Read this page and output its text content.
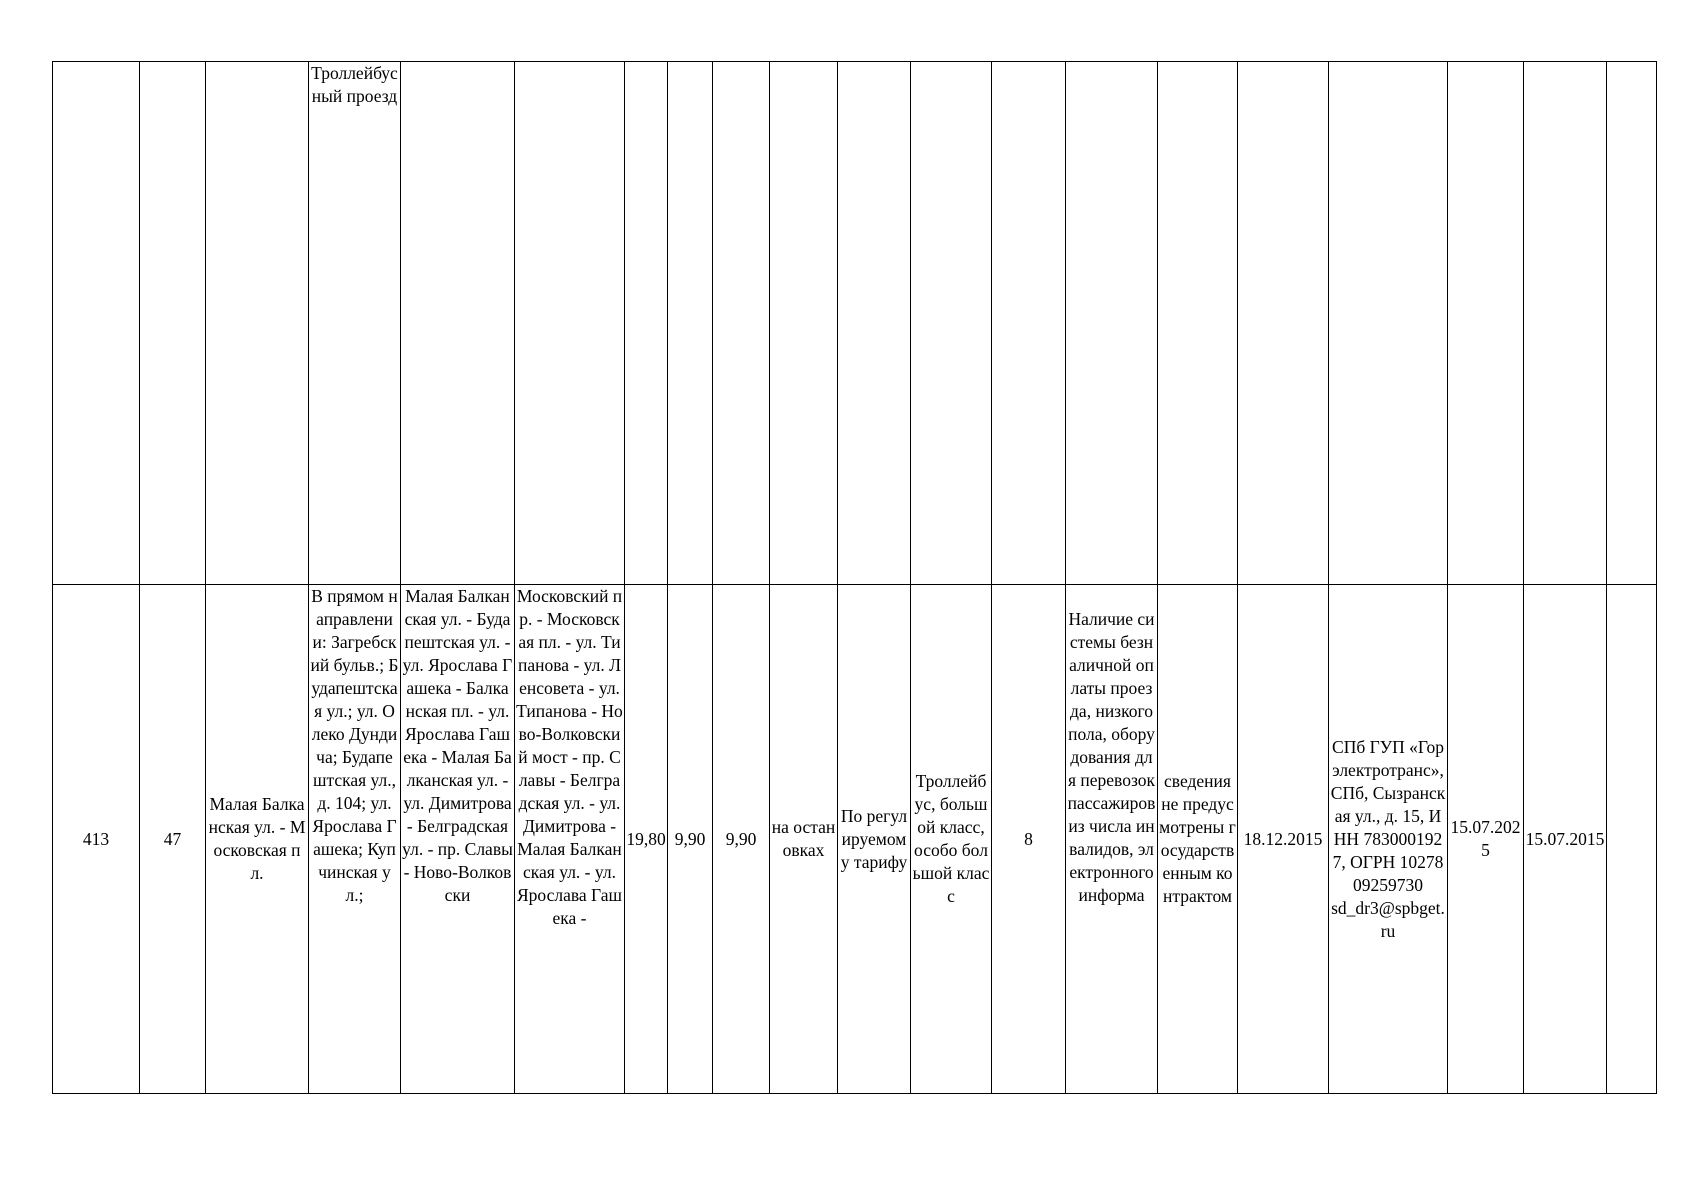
			Троллейбусный проезд																

413	47	Малая Балканская ул. - Московская пл.	В прямом направлении: Загребский бульв.; Будапештская ул.; ул. Олеко Дундича; Будапештская ул., д. 104; ул. Ярослава Гашека; Купчинская ул.;	Малая Балканская ул. - Будапештская ул. - ул. Ярослава Гашека - Балканская пл. - ул. Ярослава Гашека - Малая Балканская ул. - ул. Димитрова - Белградская ул. - пр. Славы - Ново-Волковски	Московский пр. - Московская пл. - ул. Типанова - ул. Ленсовета - ул. Типанова - Ново-Волковский мост - пр. Славы - Белградская ул. - ул. Димитрова - Малая Балканская ул. - ул. Ярослава Гашека -	19,80	9,90	9,90	на остановках	По регулируемому тарифу	Троллейбус, большой класс, особо большой класс	8	Наличие системы безналичной оплаты проезда, низкого пола, оборудования для перевозок пассажиров из числа инвалидов, электронного информа	сведения не предусмотрены государственным контрактом	18.12.2015	СПб ГУП «Горэлектротранс», СПб, Сызранская ул., д. 15, ИНН 7830001927, ОГРН 1027809259730
sd_dr3@spbget.ru	15.07.2025	15.07.2015	
